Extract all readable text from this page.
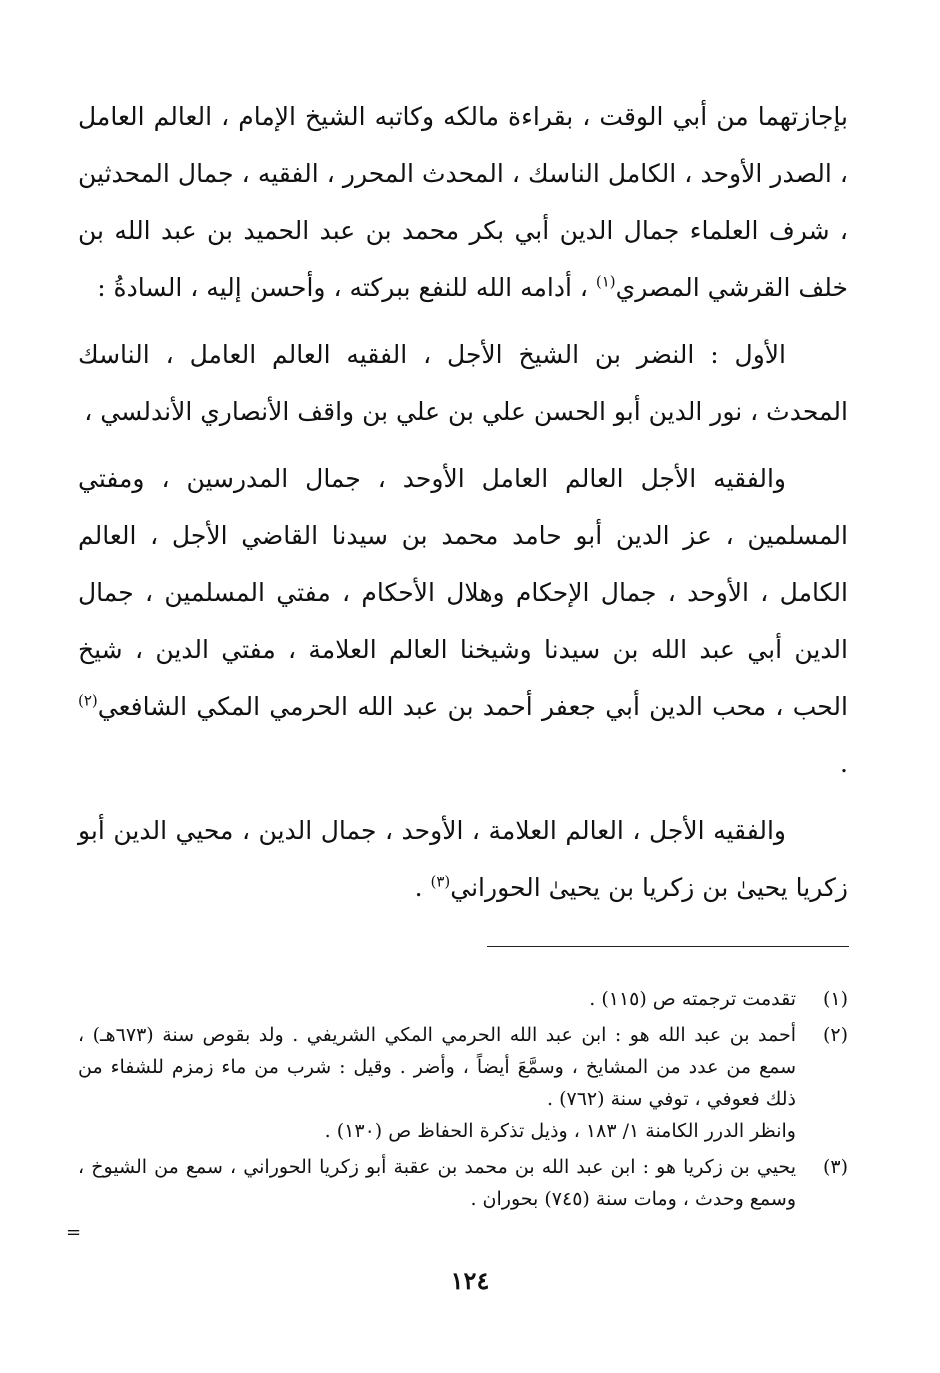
بإجازتهما من أبي الوقت ، بقراءة مالكه وكاتبه الشيخ الإمام ، العالم العامل ، الصدر الأوحد ، الكامل الناسك ، المحدث المحرر ، الفقيه ، جمال المحدثين ، شرف العلماء جمال الدين أبي بكر محمد بن عبد الحميد بن عبد الله بن خلف القرشي المصري$^{(١)}$ ، أدامه الله للنفع ببركته ، وأحسن إليه ، السادةُ :

الأول : النضر بن الشيخ الأجل ، الفقيه العالم العامل ، الناسك المحدث ، نور الدين أبو الحسن علي بن علي بن واقف الأنصاري الأندلسي ،

والفقيه الأجل العالم العامل الأوحد ، جمال المدرسين ، ومفتي المسلمين ، عز الدين أبو حامد محمد بن سيدنا القاضي الأجل ، العالم الكامل ، الأوحد ، جمال الإحكام وهلال الأحكام ، مفتي المسلمين ، جمال الدين أبي عبد الله بن سيدنا وشيخنا العالم العلامة ، مفتي الدين ، شيخ الحب ، محب الدين أبي جعفر أحمد بن عبد الله الحرمي المكي الشافعي$^{(٢)}$ .

والفقيه الأجل ، العالم العلامة ، الأوحد ، جمال الدين ، محيي الدين أبو زكريا يحيىٰ بن زكريا بن يحيىٰ الحوراني$^{(٣)}$ .

(١)
تقدمت ترجمته ص (١١٥) .
(٢)
أحمد بن عبد الله هو : ابن عبد الله الحرمي المكي الشريفي . ولد بقوص سنة (٦٧٣هـ) ، سمع من عدد من المشايخ ، وسمَّعَ أيضاً ، وأضر . وقيل : شرب من ماء زمزم للشفاء من ذلك فعوفي ، توفي سنة (٧٦٢) .
وانظر الدرر الكامنة ١/ ١٨٣ ، وذيل تذكرة الحفاظ ص (١٣٠) .
(٣)
يحيي بن زكريا هو : ابن عبد الله بن محمد بن عقبة أبو زكريا الحوراني ، سمع من الشيوخ ، وسمع وحدث ، ومات سنة (٧٤٥) بحوران .
=
١٢٤
